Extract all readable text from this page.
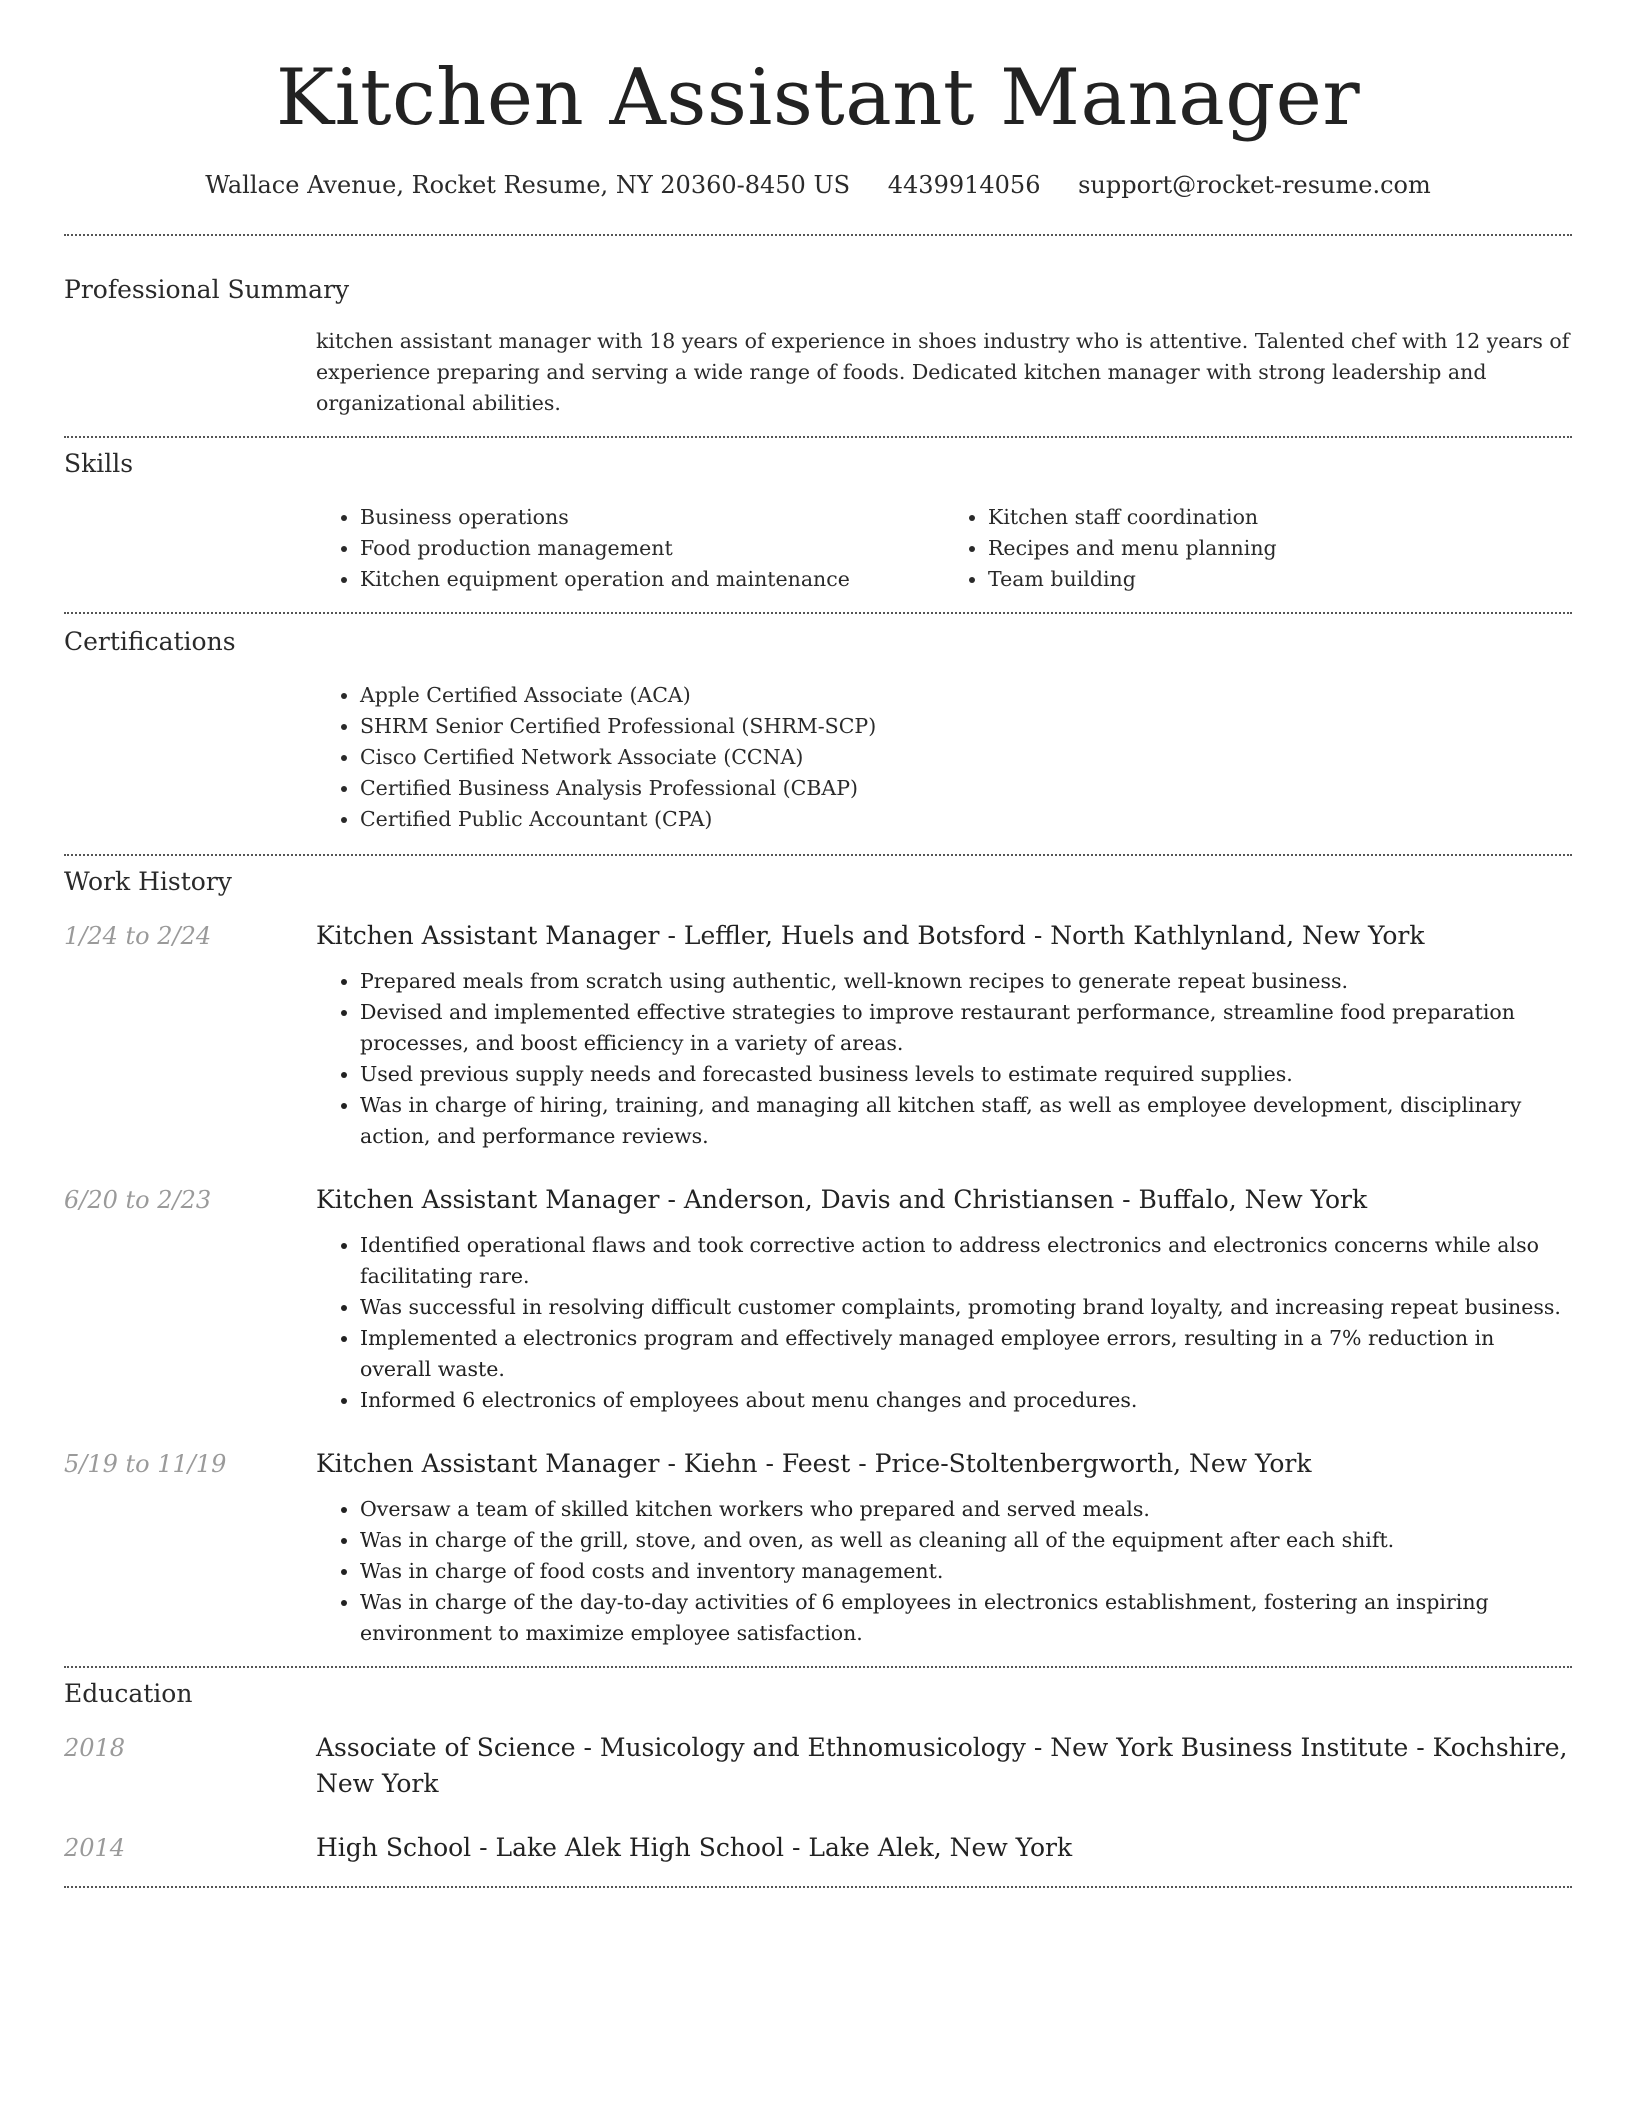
Kitchen Assistant Manager
Wallace Avenue, Rocket Resume, NY 20360-8450 US 4439914056 support@rocket-resume.com
Professional Summary
kitchen assistant manager with 18 years of experience in shoes industry who is attentive. Talented chef with 12 years of experience preparing and serving a wide range of foods. Dedicated kitchen manager with strong leadership and organizational abilities.
Skills
• Business operations
• Food production management
• Kitchen equipment operation and maintenance
• Kitchen staff coordination
• Recipes and menu planning
• Team building
Certifications
• Apple Certified Associate (ACA)
• SHRM Senior Certified Professional (SHRM-SCP)
• Cisco Certified Network Associate (CCNA)
• Certified Business Analysis Professional (CBAP)
• Certified Public Accountant (CPA)
Work History
1/24 to 2/24	Kitchen Assistant Manager - Leffler, Huels and Botsford - North Kathlynland, New York
• Prepared meals from scratch using authentic, well-known recipes to generate repeat business.
• Devised and implemented effective strategies to improve restaurant performance, streamline food preparation processes, and boost efficiency in a variety of areas.
• Used previous supply needs and forecasted business levels to estimate required supplies.
• Was in charge of hiring, training, and managing all kitchen staff, as well as employee development, disciplinary action, and performance reviews.
6/20 to 2/23	Kitchen Assistant Manager - Anderson, Davis and Christiansen - Buffalo, New York
• Identified operational flaws and took corrective action to address electronics and electronics concerns while also facilitating rare.
• Was successful in resolving difficult customer complaints, promoting brand loyalty, and increasing repeat business.
• Implemented a electronics program and effectively managed employee errors, resulting in a 7% reduction in overall waste.
• Informed 6 electronics of employees about menu changes and procedures.
5/19 to 11/19	Kitchen Assistant Manager - Kiehn - Feest - Price-Stoltenbergworth, New York
• Oversaw a team of skilled kitchen workers who prepared and served meals.
• Was in charge of the grill, stove, and oven, as well as cleaning all of the equipment after each shift.
• Was in charge of food costs and inventory management.
• Was in charge of the day-to-day activities of 6 employees in electronics establishment, fostering an inspiring environment to maximize employee satisfaction.
Education
2018	Associate of Science - Musicology and Ethnomusicology - New York Business Institute - Kochshire, New York
2014	High School - Lake Alek High School - Lake Alek, New York
